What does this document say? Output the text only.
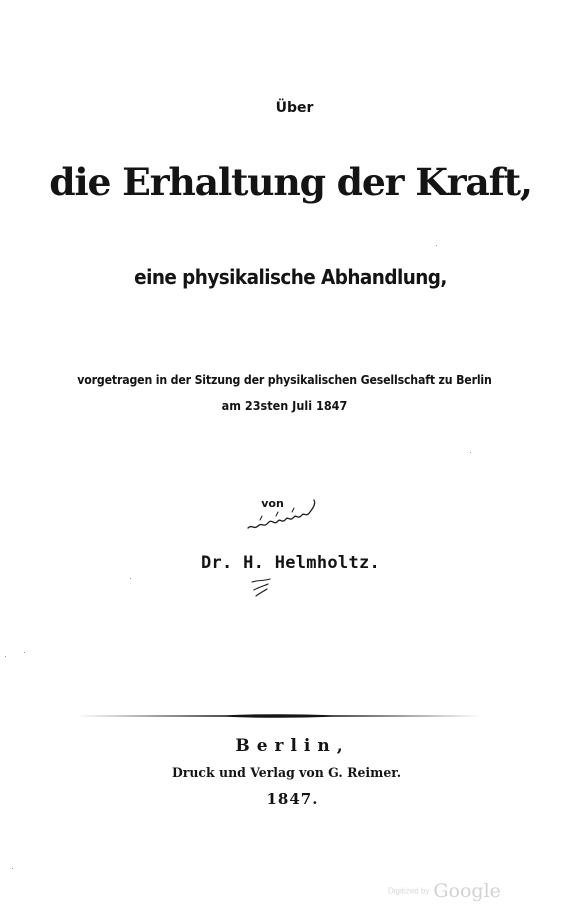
Über
die Erhaltung der Kraft,
eine physikalische Abhandlung,
vorgetragen in der Sitzung der physikalischen Gesellschaft zu Berlin
am 23sten Juli 1847
von
Dr. H. Helmholtz.
Berlin,
Druck und Verlag von G. Reimer.
1847.
Digitized by Google
